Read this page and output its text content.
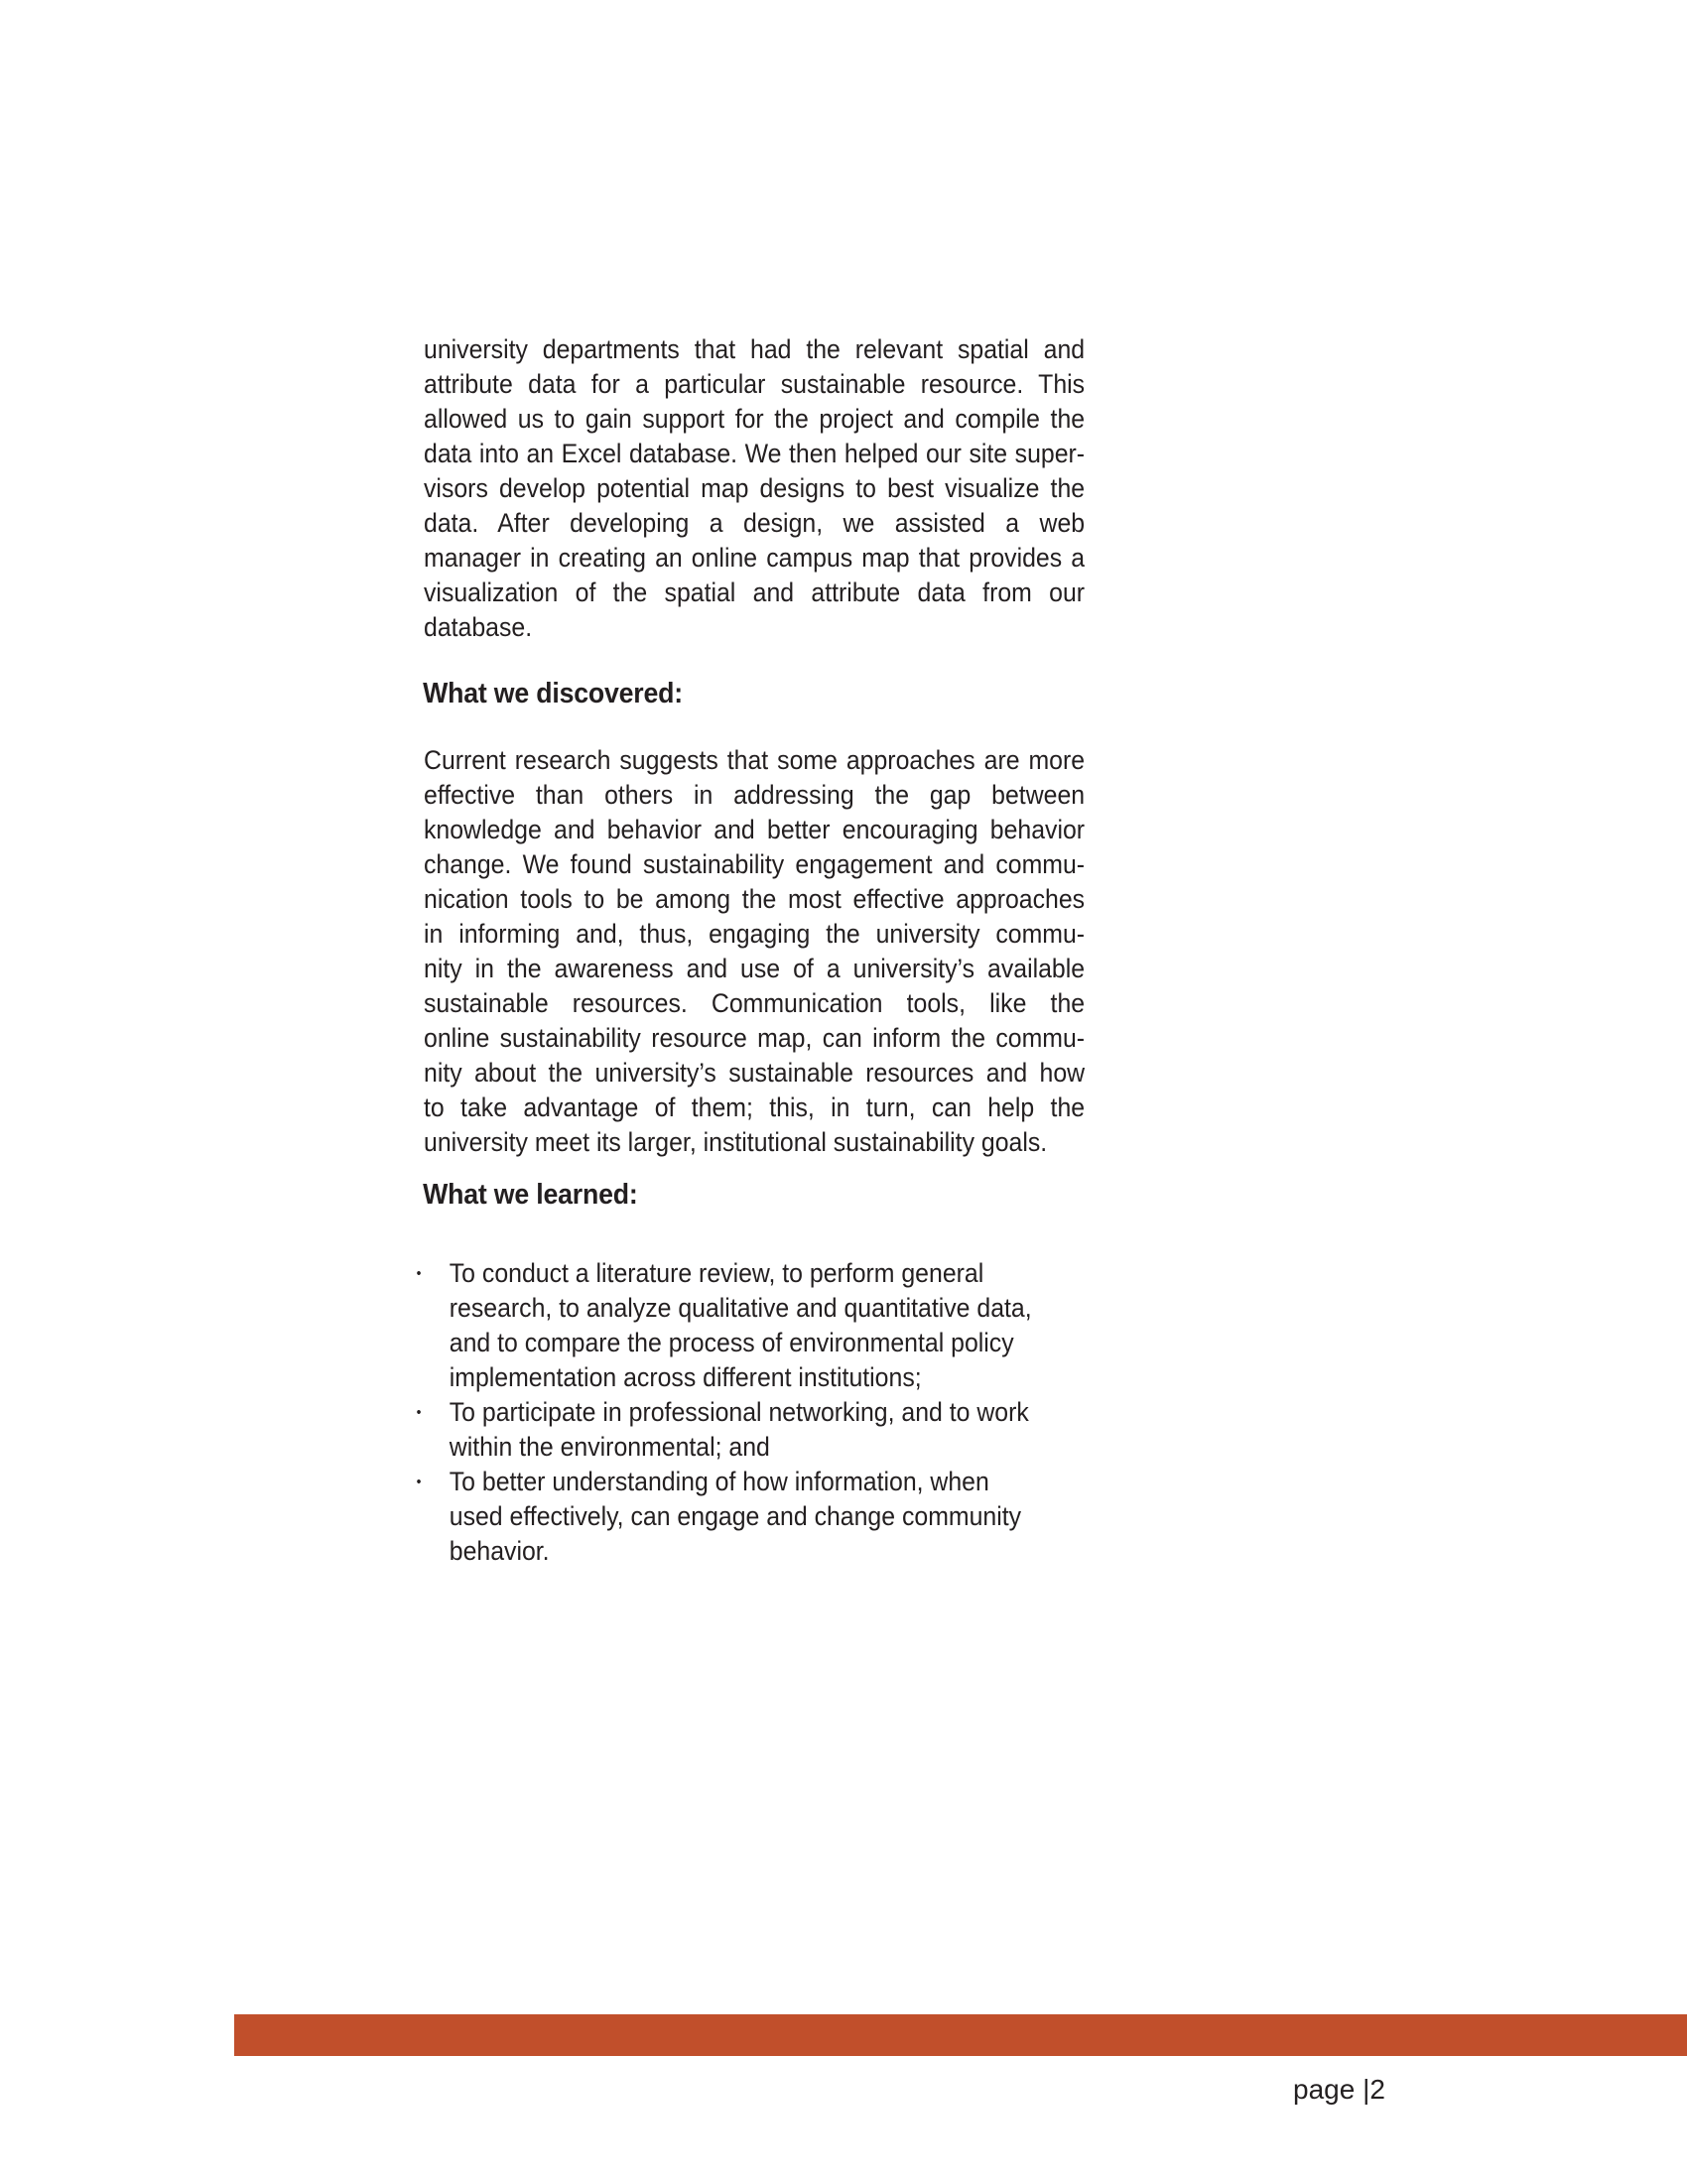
university departments that had the relevant spatial and
attribute data for a particular sustainable resource. This
allowed us to gain support for the project and compile the
data into an Excel database. We then helped our site super-
visors develop potential map designs to best visualize the
data. After developing a design, we assisted a web
manager in creating an online campus map that provides a
visualization of the spatial and attribute data from our
database.
What we discovered:
Current research suggests that some approaches are more
effective than others in addressing the gap between
knowledge and behavior and better encouraging behavior
change. We found sustainability engagement and commu-
nication tools to be among the most effective approaches
in informing and, thus, engaging the university commu-
nity in the awareness and use of a university’s available
sustainable resources. Communication tools, like the
online sustainability resource map, can inform the commu-
nity about the university’s sustainable resources and how
to take advantage of them; this, in turn, can help the
university meet its larger, institutional sustainability goals.
What we learned:
•	To conduct a literature review, to perform general
research, to analyze qualitative and quantitative data,
and to compare the process of environmental policy
implementation across different institutions;
•	To participate in professional networking, and to work
within the environmental; and
•	To better understanding of how information, when
used effectively, can engage and change community
behavior.
page |2
